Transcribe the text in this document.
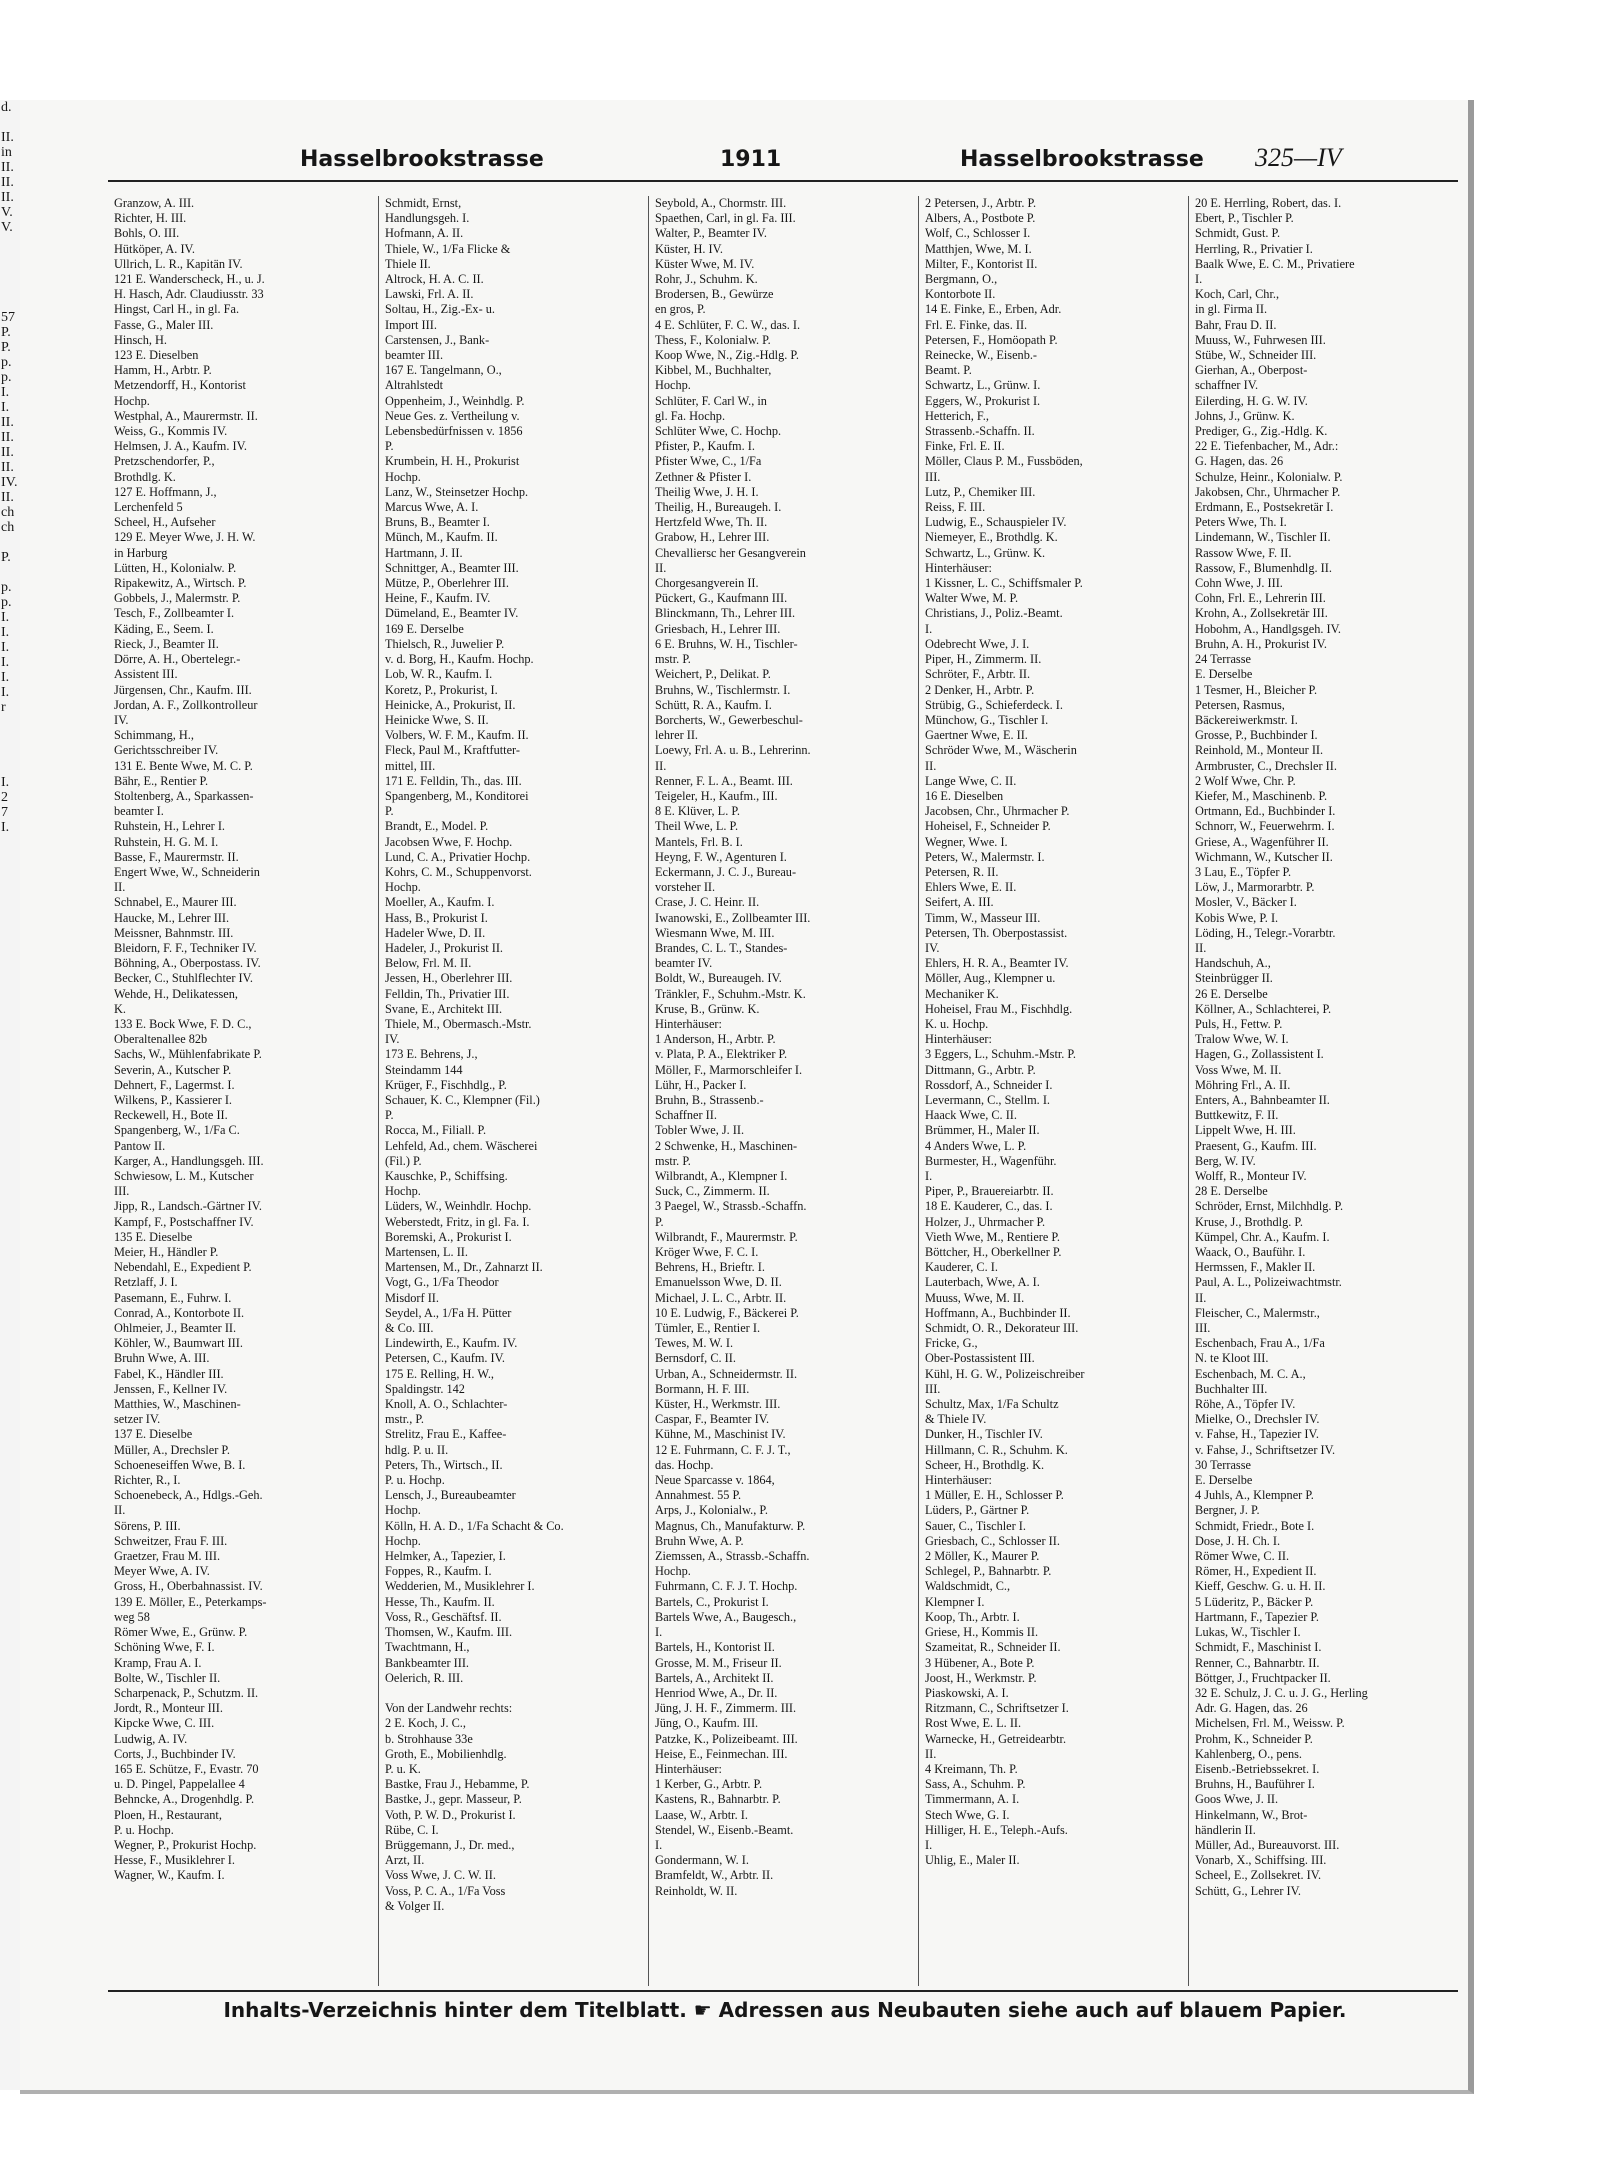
d.

II.
in
II.
II.
II.
V.
V.

57
P.
P.
p.
p.
I.
I.
II.
II.
II.
II.
IV.
II.
ch
ch

P.

p.
p.
I.
I.
I.
I.
I.
I.
r

I.
2
7
I.
Hasselbrookstrasse	1911	Hasselbrookstrasse 325—IV
Granzow, A. III.
Richter, H. III.
Bohls, O. III.
Hütköper, A. IV.
Ullrich, L. R., Kapitän IV.
121 E. Wanderscheck, H., u. J.
H. Hasch, Adr. Claudiusstr. 33
Hingst, Carl H., in gl. Fa.
Fasse, G., Maler III.
Hinsch, H.
123 E. Dieselben
Hamm, H., Arbtr. P.
Metzendorff, H., Kontorist
Hochp.
Westphal, A., Maurermstr. II.
Weiss, G., Kommis IV.
Helmsen, J. A., Kaufm. IV.
Pretzschendorfer, P.,
Brothdlg. K.
127 E. Hoffmann, J.,
Lerchenfeld 5
Scheel, H., Aufseher
129 E. Meyer Wwe, J. H. W.
in Harburg
Lütten, H., Kolonialw. P.
Ripakewitz, A., Wirtsch. P.
Gobbels, J., Malermstr. P.
Tesch, F., Zollbeamter I.
Käding, E., Seem. I.
Rieck, J., Beamter II.
Dörre, A. H., Obertelegr.-
Assistent III.
Jürgensen, Chr., Kaufm. III.
Jordan, A. F., Zollkontrolleur
IV.
Schimmang, H.,
Gerichtsschreiber IV.
131 E. Bente Wwe, M. C. P.
Bähr, E., Rentier P.
Stoltenberg, A., Sparkassen-
beamter I.
Ruhstein, H., Lehrer I.
Ruhstein, H. G. M. I.
Basse, F., Maurermstr. II.
Engert Wwe, W., Schneiderin
II.
Schnabel, E., Maurer III.
Haucke, M., Lehrer III.
Meissner, Bahnmstr. III.
Bleidorn, F. F., Techniker IV.
Böhning, A., Oberpostass. IV.
Becker, C., Stuhlflechter IV.
Wehde, H., Delikatessen,
K.
133 E. Bock Wwe, F. D. C.,
Oberaltenallee 82b
Sachs, W., Mühlenfabrikate P.
Severin, A., Kutscher P.
Dehnert, F., Lagermst. I.
Wilkens, P., Kassierer I.
Reckewell, H., Bote II.
Spangenberg, W., 1/Fa C.
Pantow II.
Karger, A., Handlungsgeh. III.
Schwiesow, L. M., Kutscher
III.
Jipp, R., Landsch.-Gärtner IV.
Kampf, F., Postschaffner IV.
135 E. Dieselbe
Meier, H., Händler P.
Nebendahl, E., Expedient P.
Retzlaff, J. I.
Pasemann, E., Fuhrw. I.
Conrad, A., Kontorbote II.
Ohlmeier, J., Beamter II.
Köhler, W., Baumwart III.
Bruhn Wwe, A. III.
Fabel, K., Händler III.
Jenssen, F., Kellner IV.
Matthies, W., Maschinen-
setzer IV.
137 E. Dieselbe
Müller, A., Drechsler P.
Schoeneseiffen Wwe, B. I.
Richter, R., I.
Schoenebeck, A., Hdlgs.-Geh.
II.
Sörens, P. III.
Schweitzer, Frau F. III.
Graetzer, Frau M. III.
Meyer Wwe, A. IV.
Gross, H., Oberbahnassist. IV.
139 E. Möller, E., Peterkamps-
weg 58
Römer Wwe, E., Grünw. P.
Schöning Wwe, F. I.
Kramp, Frau A. I.
Bolte, W., Tischler II.
Scharpenack, P., Schutzm. II.
Jordt, R., Monteur III.
Kipcke Wwe, C. III.
Ludwig, A. IV.
Corts, J., Buchbinder IV.
165 E. Schütze, F., Evastr. 70
u. D. Pingel, Pappelallee 4
Behncke, A., Drogenhdlg. P.
Ploen, H., Restaurant,
P. u. Hochp.
Wegner, P., Prokurist Hochp.
Hesse, F., Musiklehrer I.
Wagner, W., Kaufm. I.
Schmidt, Ernst,
Handlungsgeh. I.
Hofmann, A. II.
Thiele, W., 1/Fa Flicke &
Thiele II.
Altrock, H. A. C. II.
Lawski, Frl. A. II.
Soltau, H., Zig.-Ex- u.
Import III.
Carstensen, J., Bank-
beamter III.
167 E. Tangelmann, O.,
Altrahlstedt
Oppenheim, J., Weinhdlg. P.
Neue Ges. z. Vertheilung v.
Lebensbedürfnissen v. 1856
P.
Krumbein, H. H., Prokurist
Hochp.
Lanz, W., Steinsetzer Hochp.
Marcus Wwe, A. I.
Bruns, B., Beamter I.
Münch, M., Kaufm. II.
Hartmann, J. II.
Schnittger, A., Beamter III.
Mütze, P., Oberlehrer III.
Heine, F., Kaufm. IV.
Dümeland, E., Beamter IV.
169 E. Derselbe
Thielsch, R., Juwelier P.
v. d. Borg, H., Kaufm. Hochp.
Lob, W. R., Kaufm. I.
Koretz, P., Prokurist, I.
Heinicke, A., Prokurist, II.
Heinicke Wwe, S. II.
Volbers, W. F. M., Kaufm. II.
Fleck, Paul M., Kraftfutter-
mittel, III.
171 E. Felldin, Th., das. III.
Spangenberg, M., Konditorei
P.
Brandt, E., Model. P.
Jacobsen Wwe, F. Hochp.
Lund, C. A., Privatier Hochp.
Kohrs, C. M., Schuppenvorst.
Hochp.
Moeller, A., Kaufm. I.
Hass, B., Prokurist I.
Hadeler Wwe, D. II.
Hadeler, J., Prokurist II.
Below, Frl. M. II.
Jessen, H., Oberlehrer III.
Felldin, Th., Privatier III.
Svane, E., Architekt III.
Thiele, M., Obermasch.-Mstr.
IV.
173 E. Behrens, J.,
Steindamm 144
Krüger, F., Fischhdlg., P.
Schauer, K. C., Klempner (Fil.)
P.
Rocca, M., Filiall. P.
Lehfeld, Ad., chem. Wäscherei
(Fil.) P.
Kauschke, P., Schiffsing.
Hochp.
Lüders, W., Weinhdlr. Hochp.
Weberstedt, Fritz, in gl. Fa. I.
Boremski, A., Prokurist I.
Martensen, L. II.
Martensen, M., Dr., Zahnarzt II.
Vogt, G., 1/Fa Theodor
Misdorf II.
Seydel, A., 1/Fa H. Pütter
& Co. III.
Lindewirth, E., Kaufm. IV.
Petersen, C., Kaufm. IV.
175 E. Relling, H. W.,
Spaldingstr. 142
Knoll, A. O., Schlachter-
mstr., P.
Strelitz, Frau E., Kaffee-
hdlg. P. u. II.
Peters, Th., Wirtsch., II.
P. u. Hochp.
Lensch, J., Bureaubeamter
Hochp.
Kölln, H. A. D., 1/Fa Schacht & Co.
Hochp.
Helmker, A., Tapezier, I.
Foppes, R., Kaufm. I.
Wedderien, M., Musiklehrer I.
Hesse, Th., Kaufm. II.
Voss, R., Geschäftsf. II.
Thomsen, W., Kaufm. III.
Twachtmann, H.,
Bankbeamter III.
Oelerich, R. III.

Von der Landwehr rechts:
2 E. Koch, J. C.,
b. Strohhause 33e
Groth, E., Mobilienhdlg.
P. u. K.
Bastke, Frau J., Hebamme, P.
Bastke, J., gepr. Masseur, P.
Voth, P. W. D., Prokurist I.
Rübe, C. I.
Brüggemann, J., Dr. med.,
Arzt, II.
Voss Wwe, J. C. W. II.
Voss, P. C. A., 1/Fa Voss
& Volger II.
Seybold, A., Chormstr. III.
Spaethen, Carl, in gl. Fa. III.
Walter, P., Beamter IV.
Küster, H. IV.
Küster Wwe, M. IV.
Rohr, J., Schuhm. K.
Brodersen, B., Gewürze
en gros, P.
4 E. Schlüter, F. C. W., das. I.
Thess, F., Kolonialw. P.
Koop Wwe, N., Zig.-Hdlg. P.
Kibbel, M., Buchhalter,
Hochp.
Schlüter, F. Carl W., in
gl. Fa. Hochp.
Schlüter Wwe, C. Hochp.
Pfister, P., Kaufm. I.
Pfister Wwe, C., 1/Fa
Zethner & Pfister I.
Theilig Wwe, J. H. I.
Theilig, H., Bureaugeh. I.
Hertzfeld Wwe, Th. II.
Grabow, H., Lehrer III.
Chevalliersc her Gesangverein
II.
Chorgesangverein II.
Pückert, G., Kaufmann III.
Blinckmann, Th., Lehrer III.
Griesbach, H., Lehrer III.
6 E. Bruhns, W. H., Tischler-
mstr. P.
Weichert, P., Delikat. P.
Bruhns, W., Tischlermstr. I.
Schütt, R. A., Kaufm. I.
Borcherts, W., Gewerbeschul-
lehrer II.
Loewy, Frl. A. u. B., Lehrerinn.
II.
Renner, F. L. A., Beamt. III.
Teigeler, H., Kaufm., III.
8 E. Klüver, L. P.
Theil Wwe, L. P.
Mantels, Frl. B. I.
Heyng, F. W., Agenturen I.
Eckermann, J. C. J., Bureau-
vorsteher II.
Crase, J. C. Heinr. II.
Iwanowski, E., Zollbeamter III.
Wiesmann Wwe, M. III.
Brandes, C. L. T., Standes-
beamter IV.
Boldt, W., Bureaugeh. IV.
Tränkler, F., Schuhm.-Mstr. K.
Kruse, B., Grünw. K.
Hinterhäuser:
1 Anderson, H., Arbtr. P.
v. Plata, P. A., Elektriker P.
Möller, F., Marmorschleifer I.
Lühr, H., Packer I.
Bruhn, B., Strassenb.-
Schaffner II.
Tobler Wwe, J. II.
2 Schwenke, H., Maschinen-
mstr. P.
Wilbrandt, A., Klempner I.
Suck, C., Zimmerm. II.
3 Paegel, W., Strassb.-Schaffn.
P.
Wilbrandt, F., Maurermstr. P.
Kröger Wwe, F. C. I.
Behrens, H., Brieftr. I.
Emanuelsson Wwe, D. II.
Michael, J. L. C., Arbtr. II.
10 E. Ludwig, F., Bäckerei P.
Tümler, E., Rentier I.
Tewes, M. W. I.
Bernsdorf, C. II.
Urban, A., Schneidermstr. II.
Bormann, H. F. III.
Küster, H., Werkmstr. III.
Caspar, F., Beamter IV.
Kühne, M., Maschinist IV.
12 E. Fuhrmann, C. F. J. T.,
das. Hochp.
Neue Sparcasse v. 1864,
Annahmest. 55 P.
Arps, J., Kolonialw., P.
Magnus, Ch., Manufakturw. P.
Bruhn Wwe, A. P.
Ziemssen, A., Strassb.-Schaffn.
Hochp.
Fuhrmann, C. F. J. T. Hochp.
Bartels, C., Prokurist I.
Bartels Wwe, A., Baugesch.,
I.
Bartels, H., Kontorist II.
Grosse, M. M., Friseur II.
Bartels, A., Architekt II.
Henriod Wwe, A., Dr. II.
Jüng, J. H. F., Zimmerm. III.
Jüng, O., Kaufm. III.
Patzke, K., Polizeibeamt. III.
Heise, E., Feinmechan. III.
Hinterhäuser:
1 Kerber, G., Arbtr. P.
Kastens, R., Bahnarbtr. P.
Laase, W., Arbtr. I.
Stendel, W., Eisenb.-Beamt.
I.
Gondermann, W. I.
Bramfeldt, W., Arbtr. II.
Reinholdt, W. II.
2 Petersen, J., Arbtr. P.
Albers, A., Postbote P.
Wolf, C., Schlosser I.
Matthjen, Wwe, M. I.
Milter, F., Kontorist II.
Bergmann, O.,
Kontorbote II.
14 E. Finke, E., Erben, Adr.
Frl. E. Finke, das. II.
Petersen, F., Homöopath P.
Reinecke, W., Eisenb.-
Beamt. P.
Schwartz, L., Grünw. I.
Eggers, W., Prokurist I.
Hetterich, F.,
Strassenb.-Schaffn. II.
Finke, Frl. E. II.
Möller, Claus P. M., Fussböden,
III.
Lutz, P., Chemiker III.
Reiss, F. III.
Ludwig, E., Schauspieler IV.
Niemeyer, E., Brothdlg. K.
Schwartz, L., Grünw. K.
Hinterhäuser:
1 Kissner, L. C., Schiffsmaler P.
Walter Wwe, M. P.
Christians, J., Poliz.-Beamt.
I.
Odebrecht Wwe, J. I.
Piper, H., Zimmerm. II.
Schröter, F., Arbtr. II.
2 Denker, H., Arbtr. P.
Strübig, G., Schieferdeck. I.
Münchow, G., Tischler I.
Gaertner Wwe, E. II.
Schröder Wwe, M., Wäscherin
II.
Lange Wwe, C. II.
16 E. Dieselben
Jacobsen, Chr., Uhrmacher P.
Hoheisel, F., Schneider P.
Wegner, Wwe. I.
Peters, W., Malermstr. I.
Petersen, R. II.
Ehlers Wwe, E. II.
Seifert, A. III.
Timm, W., Masseur III.
Petersen, Th. Oberpostassist.
IV.
Ehlers, H. R. A., Beamter IV.
Möller, Aug., Klempner u.
Mechaniker K.
Hoheisel, Frau M., Fischhdlg.
K. u. Hochp.
Hinterhäuser:
3 Eggers, L., Schuhm.-Mstr. P.
Dittmann, G., Arbtr. P.
Rossdorf, A., Schneider I.
Levermann, C., Stellm. I.
Haack Wwe, C. II.
Brümmer, H., Maler II.
4 Anders Wwe, L. P.
Burmester, H., Wagenführ.
I.
Piper, P., Brauereiarbtr. II.
18 E. Kauderer, C., das. I.
Holzer, J., Uhrmacher P.
Vieth Wwe, M., Rentiere P.
Böttcher, H., Oberkellner P.
Kauderer, C. I.
Lauterbach, Wwe, A. I.
Muuss, Wwe, M. II.
Hoffmann, A., Buchbinder II.
Schmidt, O. R., Dekorateur III.
Fricke, G.,
Ober-Postassistent III.
Kühl, H. G. W., Polizeischreiber
III.
Schultz, Max, 1/Fa Schultz
& Thiele IV.
Dunker, H., Tischler IV.
Hillmann, C. R., Schuhm. K.
Scheer, H., Brothdlg. K.
Hinterhäuser:
1 Müller, E. H., Schlosser P.
Lüders, P., Gärtner P.
Sauer, C., Tischler I.
Griesbach, C., Schlosser II.
2 Möller, K., Maurer P.
Schlegel, P., Bahnarbtr. P.
Waldschmidt, C.,
Klempner I.
Koop, Th., Arbtr. I.
Griese, H., Kommis II.
Szameitat, R., Schneider II.
3 Hübener, A., Bote P.
Joost, H., Werkmstr. P.
Piaskowski, A. I.
Ritzmann, C., Schriftsetzer I.
Rost Wwe, E. L. II.
Warnecke, H., Getreidearbtr.
II.
4 Kreimann, Th. P.
Sass, A., Schuhm. P.
Timmermann, A. I.
Stech Wwe, G. I.
Hilliger, H. E., Teleph.-Aufs.
I.
Uhlig, E., Maler II.
20 E. Herrling, Robert, das. I.
Ebert, P., Tischler P.
Schmidt, Gust. P.
Herrling, R., Privatier I.
Baalk Wwe, E. C. M., Privatiere
I.
Koch, Carl, Chr.,
in gl. Firma II.
Bahr, Frau D. II.
Muuss, W., Fuhrwesen III.
Stübe, W., Schneider III.
Gierhan, A., Oberpost-
schaffner IV.
Eilerding, H. G. W. IV.
Johns, J., Grünw. K.
Prediger, G., Zig.-Hdlg. K.
22 E. Tiefenbacher, M., Adr.:
G. Hagen, das. 26
Schulze, Heinr., Kolonialw. P.
Jakobsen, Chr., Uhrmacher P.
Erdmann, E., Postsekretär I.
Peters Wwe, Th. I.
Lindemann, W., Tischler II.
Rassow Wwe, F. II.
Rassow, F., Blumenhdlg. II.
Cohn Wwe, J. III.
Cohn, Frl. E., Lehrerin III.
Krohn, A., Zollsekretär III.
Hobohm, A., Handlgsgeh. IV.
Bruhn, A. H., Prokurist IV.
24 Terrasse
E. Derselbe
1 Tesmer, H., Bleicher P.
Petersen, Rasmus,
Bäckereiwerkmstr. I.
Grosse, P., Buchbinder I.
Reinhold, M., Monteur II.
Armbruster, C., Drechsler II.
2 Wolf Wwe, Chr. P.
Kiefer, M., Maschinenb. P.
Ortmann, Ed., Buchbinder I.
Schnorr, W., Feuerwehrm. I.
Griese, A., Wagenführer II.
Wichmann, W., Kutscher II.
3 Lau, E., Töpfer P.
Löw, J., Marmorarbtr. P.
Mosler, V., Bäcker I.
Kobis Wwe, P. I.
Löding, H., Telegr.-Vorarbtr.
II.
Handschuh, A.,
Steinbrügger II.
26 E. Derselbe
Köllner, A., Schlachterei, P.
Puls, H., Fettw. P.
Tralow Wwe, W. I.
Hagen, G., Zollassistent I.
Voss Wwe, M. II.
Möhring Frl., A. II.
Enters, A., Bahnbeamter II.
Buttkewitz, F. II.
Lippelt Wwe, H. III.
Praesent, G., Kaufm. III.
Berg, W. IV.
Wolff, R., Monteur IV.
28 E. Derselbe
Schröder, Ernst, Milchhdlg. P.
Kruse, J., Brothdlg. P.
Kümpel, Chr. A., Kaufm. I.
Waack, O., Bauführ. I.
Hermssen, F., Makler II.
Paul, A. L., Polizeiwachtmstr.
II.
Fleischer, C., Malermstr.,
III.
Eschenbach, Frau A., 1/Fa
N. te Kloot III.
Eschenbach, M. C. A.,
Buchhalter III.
Röhe, A., Töpfer IV.
Mielke, O., Drechsler IV.
v. Fahse, H., Tapezier IV.
v. Fahse, J., Schriftsetzer IV.
30 Terrasse
E. Derselbe
4 Juhls, A., Klempner P.
Bergner, J. P.
Schmidt, Friedr., Bote I.
Dose, J. H. Ch. I.
Römer Wwe, C. II.
Römer, H., Expedient II.
Kieff, Geschw. G. u. H. II.
5 Lüderitz, P., Bäcker P.
Hartmann, F., Tapezier P.
Lukas, W., Tischler I.
Schmidt, F., Maschinist I.
Renner, C., Bahnarbtr. II.
Böttger, J., Fruchtpacker II.
32 E. Schulz, J. C. u. J. G., Herling
Adr. G. Hagen, das. 26
Michelsen, Frl. M., Weissw. P.
Prohm, K., Schneider P.
Kahlenberg, O., pens.
Eisenb.-Betriebssekret. I.
Bruhns, H., Bauführer I.
Goos Wwe, J. II.
Hinkelmann, W., Brot-
händlerin II.
Müller, Ad., Bureauvorst. III.
Vonarb, X., Schiffsing. III.
Scheel, E., Zollsekret. IV.
Schütt, G., Lehrer IV.
Inhalts-Verzeichnis hinter dem Titelblatt. ☛ Adressen aus Neubauten siehe auch auf blauem Papier.
